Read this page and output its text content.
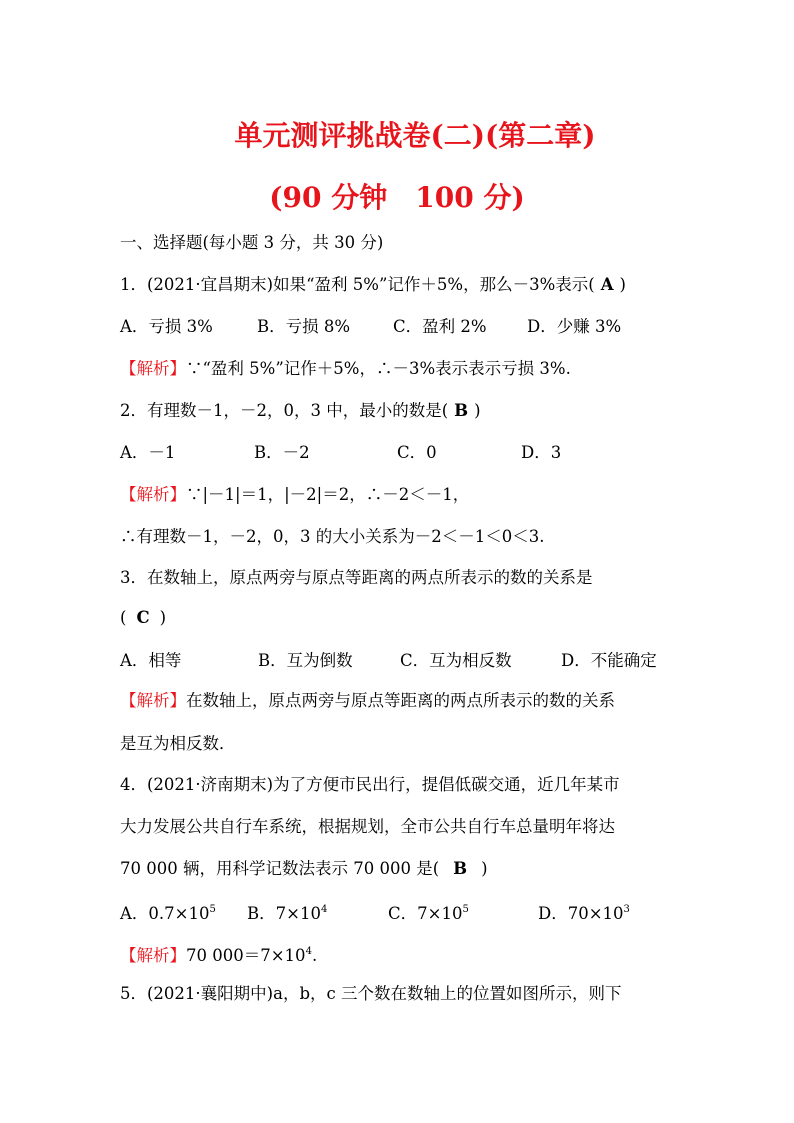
单元测评挑战卷(二)(第二章)
(90 分钟　100 分)
一、选择题(每小题 3 分，共 30 分)
1．(2021·宜昌期末)如果“盈利 5%”记作＋5%，那么－3%表示( A )
A．亏损 3%	B．亏损 8%	C．盈利 2% D．少赚 3%
【解析】∵“盈利 5%”记作＋5%，∴－3%表示表示亏损 3%.
2．有理数－1，－2，0，3 中，最小的数是( B )
A．－1	B．－2	C．0	D．3
【解析】∵|－1|＝1，|－2|＝2，∴－2＜－1，
∴有理数－1，－2，0，3 的大小关系为－2＜－1＜0＜3.
3．在数轴上，原点两旁与原点等距离的两点所表示的数的关系是
( C )
A．相等	B．互为倒数	C．互为相反数	D．不能确定
【解析】在数轴上，原点两旁与原点等距离的两点所表示的数的关系
是互为相反数．
4．(2021·济南期末)为了方便市民出行，提倡低碳交通，近几年某市
大力发展公共自行车系统，根据规划，全市公共自行车总量明年将达
70 000 辆，用科学记数法表示 70 000 是( B )
A．$0.7\times 10^5$ B．$7\times 10^4$	C．$7\times 10^5$	D．$70\times 10^3$
【解析】70 $000=7\times 10^4$.
5．(2021·襄阳期中)a，b，c 三个数在数轴上的位置如图所示，则下
